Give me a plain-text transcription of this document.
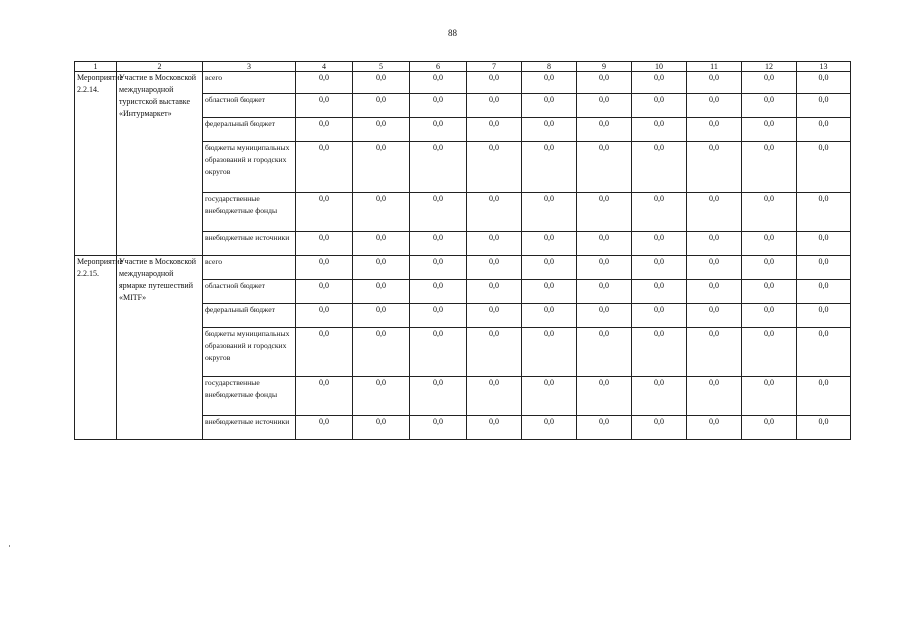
88
1	2	3	4	5	6	7	8	9	10	11	12	13
Мероприятие 2.2.14.	Участие в Московской международной туристской выставке «Интурмаркет»	всего	0,0	0,0	0,0	0,0	0,0	0,0	0,0	0,0	0,0	0,0
		областной бюджет	0,0	0,0	0,0	0,0	0,0	0,0	0,0	0,0	0,0	0,0
		федеральный бюджет	0,0	0,0	0,0	0,0	0,0	0,0	0,0	0,0	0,0	0,0
		бюджеты муниципальных образований и городских округов	0,0	0,0	0,0	0,0	0,0	0,0	0,0	0,0	0,0	0,0
		государственные внебюджетные фонды	0,0	0,0	0,0	0,0	0,0	0,0	0,0	0,0	0,0	0,0
		внебюджетные источники	0,0	0,0	0,0	0,0	0,0	0,0	0,0	0,0	0,0	0,0
Мероприятие 2.2.15.	Участие в Московской международной ярмарке путешествий «MITF»	всего	0,0	0,0	0,0	0,0	0,0	0,0	0,0	0,0	0,0	0,0
		областной бюджет	0,0	0,0	0,0	0,0	0,0	0,0	0,0	0,0	0,0	0,0
		федеральный бюджет	0,0	0,0	0,0	0,0	0,0	0,0	0,0	0,0	0,0	0,0
		бюджеты муниципальных образований и городских округов	0,0	0,0	0,0	0,0	0,0	0,0	0,0	0,0	0,0	0,0
		государственные внебюджетные фонды	0,0	0,0	0,0	0,0	0,0	0,0	0,0	0,0	0,0	0,0
		внебюджетные источники	0,0	0,0	0,0	0,0	0,0	0,0	0,0	0,0	0,0	0,0
